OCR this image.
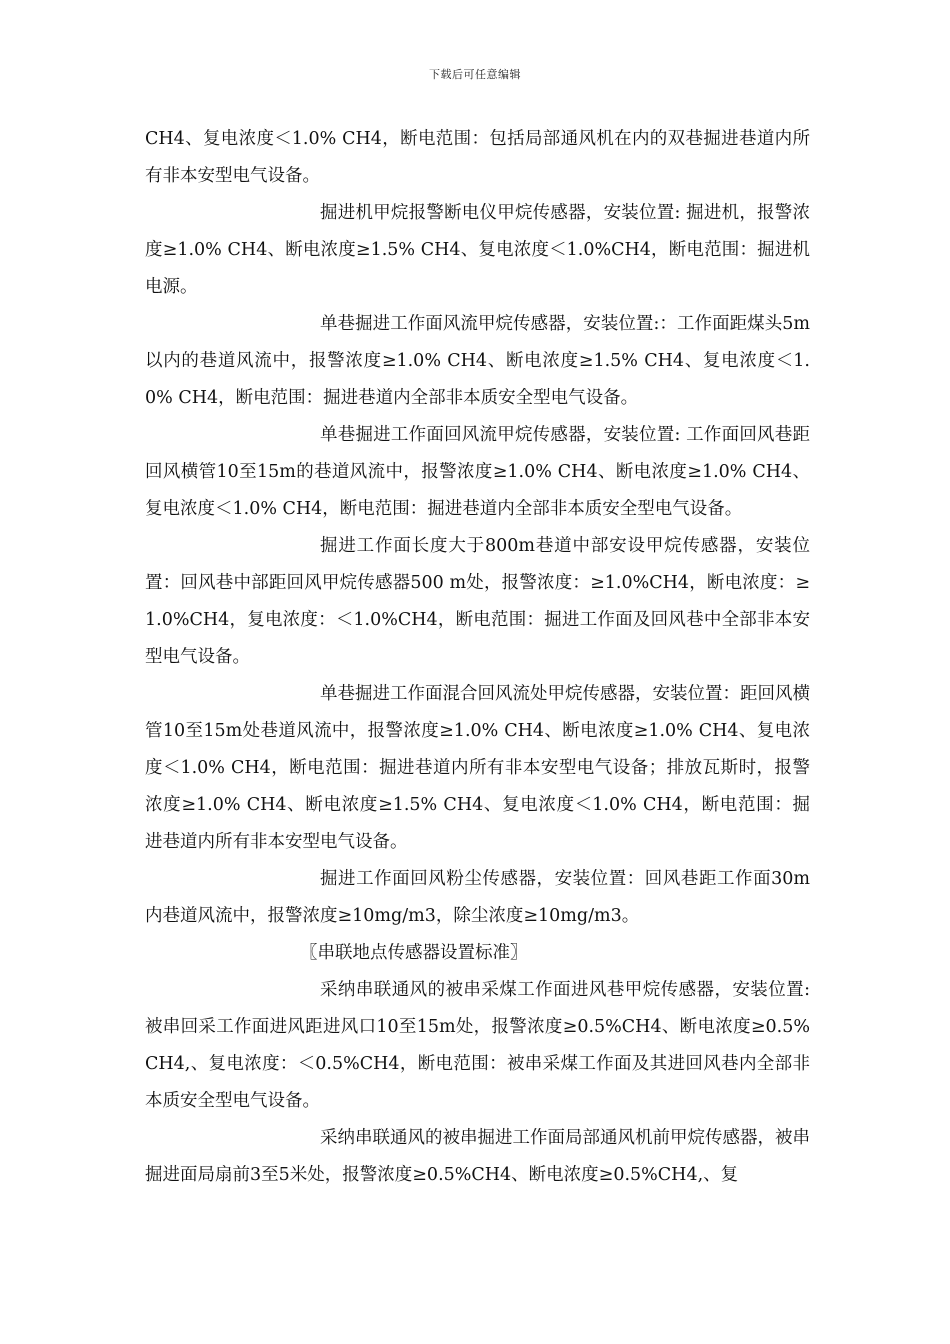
下载后可任意编辑

CH4、复电浓度＜1.0% CH4，断电范围：包括局部通风机在内的双巷掘进巷道内所有非本安型电气设备。

掘进机甲烷报警断电仪甲烷传感器，安装位置: 掘进机，报警浓度≥1.0% CH4、断电浓度≥1.5% CH4、复电浓度＜1.0%CH4，断电范围：掘进机电源。

单巷掘进工作面风流甲烷传感器，安装位置:：工作面距煤头5m以内的巷道风流中，报警浓度≥1.0% CH4、断电浓度≥1.5% CH4、复电浓度＜1.0% CH4，断电范围：掘进巷道内全部非本质安全型电气设备。

单巷掘进工作面回风流甲烷传感器，安装位置: 工作面回风巷距回风横管10至15m的巷道风流中，报警浓度≥1.0% CH4、断电浓度≥1.0% CH4、复电浓度＜1.0% CH4，断电范围：掘进巷道内全部非本质安全型电气设备。

掘进工作面长度大于800m巷道中部安设甲烷传感器，安装位置：回风巷中部距回风甲烷传感器500 m处，报警浓度：≥1.0%CH4，断电浓度：≥1.0%CH4，复电浓度：＜1.0%CH4，断电范围：掘进工作面及回风巷中全部非本安型电气设备。

单巷掘进工作面混合回风流处甲烷传感器，安装位置：距回风横管10至15m处巷道风流中，报警浓度≥1.0% CH4、断电浓度≥1.0% CH4、复电浓度＜1.0% CH4，断电范围：掘进巷道内所有非本安型电气设备；排放瓦斯时，报警浓度≥1.0% CH4、断电浓度≥1.5% CH4、复电浓度＜1.0% CH4，断电范围：掘进巷道内所有非本安型电气设备。

掘进工作面回风粉尘传感器，安装位置：回风巷距工作面30m内巷道风流中，报警浓度≥10mg/m3，除尘浓度≥10mg/m3。

〖串联地点传感器设置标准〗

采纳串联通风的被串采煤工作面进风巷甲烷传感器，安装位置: 被串回采工作面进风距进风口10至15m处，报警浓度≥0.5%CH4、断电浓度≥0.5%CH4,、复电浓度：＜0.5%CH4，断电范围：被串采煤工作面及其进回风巷内全部非本质安全型电气设备。

采纳串联通风的被串掘进工作面局部通风机前甲烷传感器，被串掘进面局扇前3至5米处，报警浓度≥0.5%CH4、断电浓度≥0.5%CH4,、复
